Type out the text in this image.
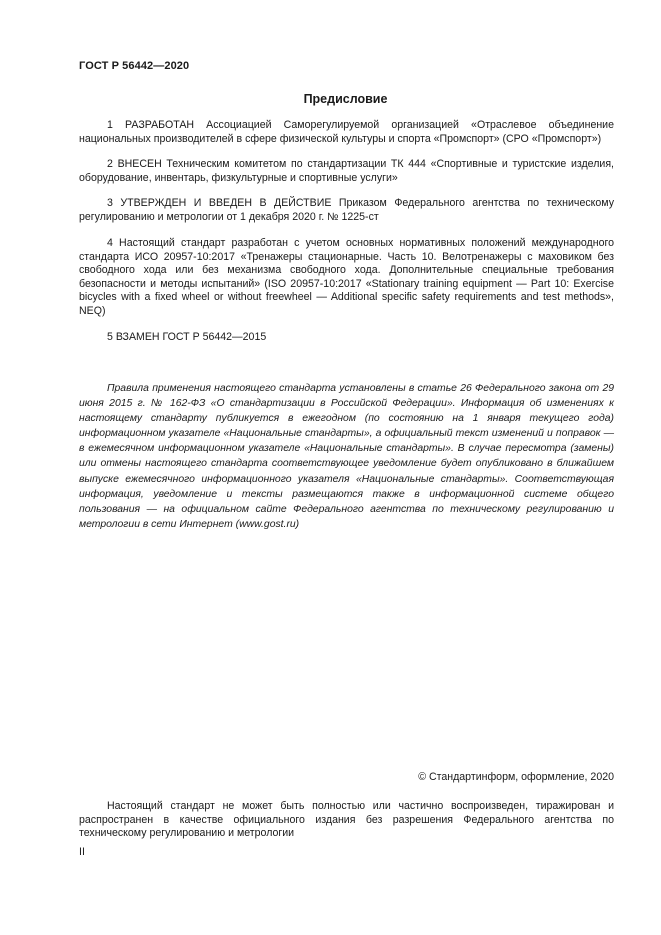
ГОСТ Р 56442—2020
Предисловие

1 РАЗРАБОТАН Ассоциацией Саморегулируемой организацией «Отраслевое объединение национальных производителей в сфере физической культуры и спорта «Промспорт» (СРО «Промспорт»)

2 ВНЕСЕН Техническим комитетом по стандартизации ТК 444 «Спортивные и туристские изделия, оборудование, инвентарь, физкультурные и спортивные услуги»

3 УТВЕРЖДЕН И ВВЕДЕН В ДЕЙСТВИЕ Приказом Федерального агентства по техническому регулированию и метрологии от 1 декабря 2020 г. № 1225-ст

4 Настоящий стандарт разработан с учетом основных нормативных положений международного стандарта ИСО 20957-10:2017 «Тренажеры стационарные. Часть 10. Велотренажеры с маховиком без свободного хода или без механизма свободного хода. Дополнительные специальные требования безопасности и методы испытаний» (ISO 20957-10:2017 «Stationary training equipment — Part 10: Exercise bicycles with a fixed wheel or without freewheel — Additional specific safety requirements and test methods», NEQ)

5 ВЗАМЕН ГОСТ Р 56442—2015

Правила применения настоящего стандарта установлены в статье 26 Федерального закона от 29 июня 2015 г. № 162-ФЗ «О стандартизации в Российской Федерации». Информация об изменениях к настоящему стандарту публикуется в ежегодном (по состоянию на 1 января текущего года) информационном указателе «Национальные стандарты», а официальный текст изменений и поправок — в ежемесячном информационном указателе «Национальные стандарты». В случае пересмотра (замены) или отмены настоящего стандарта соответствующее уведомление будет опубликовано в ближайшем выпуске ежемесячного информационного указателя «Национальные стандарты». Соответствующая информация, уведомление и тексты размещаются также в информационной системе общего пользования — на официальном сайте Федерального агентства по техническому регулированию и метрологии в сети Интернет (www.gost.ru)

© Стандартинформ, оформление, 2020

Настоящий стандарт не может быть полностью или частично воспроизведен, тиражирован и распространен в качестве официального издания без разрешения Федерального агентства по техническому регулированию и метрологии

II
